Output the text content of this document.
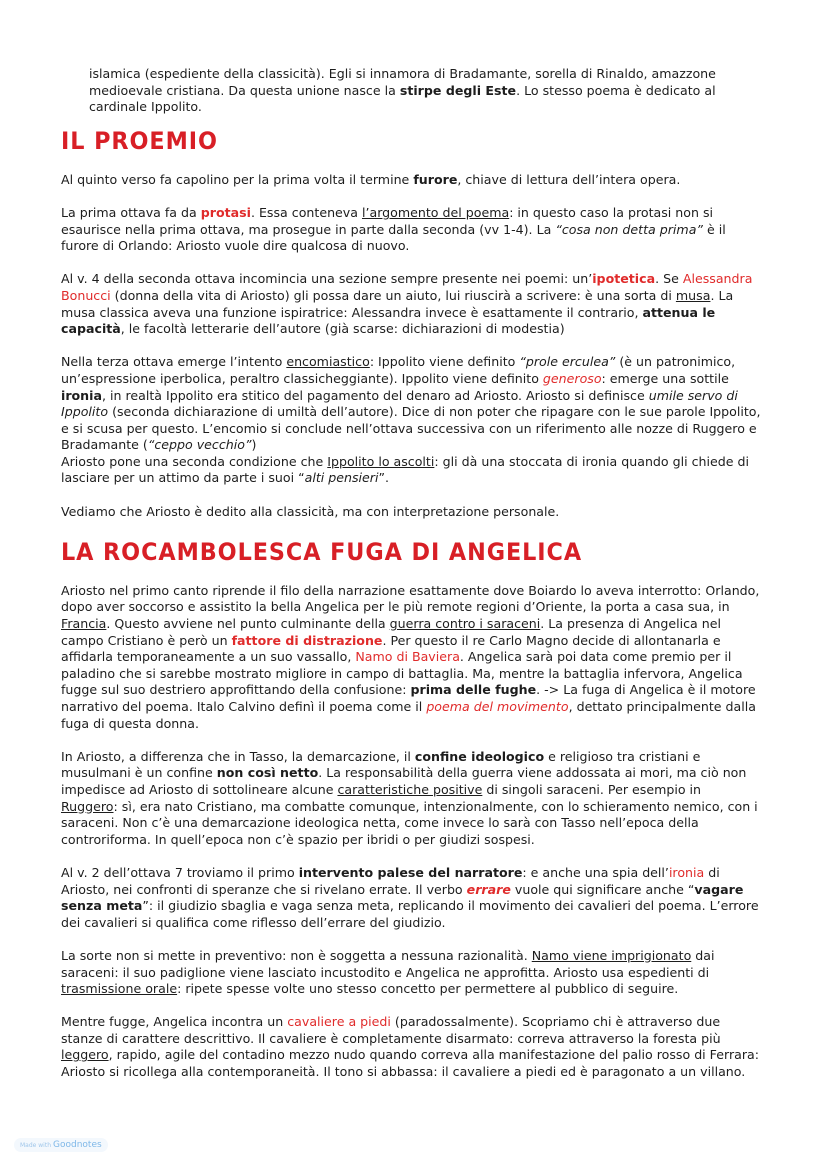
islamica (espediente della classicità). Egli si innamora di Bradamante, sorella di Rinaldo, amazzone medioevale cristiana. Da questa unione nasce la stirpe degli Este. Lo stesso poema è dedicato al cardinale Ippolito.

IL PROEMIO

Al quinto verso fa capolino per la prima volta il termine furore, chiave di lettura dell’intera opera.

La prima ottava fa da protasi. Essa conteneva l’argomento del poema: in questo caso la protasi non si esaurisce nella prima ottava, ma prosegue in parte dalla seconda (vv 1-4). La “cosa non detta prima” è il furore di Orlando: Ariosto vuole dire qualcosa di nuovo.

Al v. 4 della seconda ottava incomincia una sezione sempre presente nei poemi: un’ipotetica. Se Alessandra Bonucci (donna della vita di Ariosto) gli possa dare un aiuto, lui riuscirà a scrivere: è una sorta di musa. La musa classica aveva una funzione ispiratrice: Alessandra invece è esattamente il contrario, attenua le capacità, le facoltà letterarie dell’autore (già scarse: dichiarazioni di modestia)

Nella terza ottava emerge l’intento encomiastico: Ippolito viene definito “prole erculea” (è un patronimico, un’espressione iperbolica, peraltro classicheggiante). Ippolito viene definito generoso: emerge una sottile ironia, in realtà Ippolito era stitico del pagamento del denaro ad Ariosto. Ariosto si definisce umile servo di Ippolito (seconda dichiarazione di umiltà dell’autore). Dice di non poter che ripagare con le sue parole Ippolito, e si scusa per questo. L’encomio si conclude nell’ottava successiva con un riferimento alle nozze di Ruggero e Bradamante (“ceppo vecchio”)
Ariosto pone una seconda condizione che Ippolito lo ascolti: gli dà una stoccata di ironia quando gli chiede di lasciare per un attimo da parte i suoi “alti pensieri”.

Vediamo che Ariosto è dedito alla classicità, ma con interpretazione personale.

LA ROCAMBOLESCA FUGA DI ANGELICA

Ariosto nel primo canto riprende il filo della narrazione esattamente dove Boiardo lo aveva interrotto: Orlando, dopo aver soccorso e assistito la bella Angelica per le più remote regioni d’Oriente, la porta a casa sua, in Francia. Questo avviene nel punto culminante della guerra contro i saraceni. La presenza di Angelica nel campo Cristiano è però un fattore di distrazione. Per questo il re Carlo Magno decide di allontanarla e affidarla temporaneamente a un suo vassallo, Namo di Baviera. Angelica sarà poi data come premio per il paladino che si sarebbe mostrato migliore in campo di battaglia. Ma, mentre la battaglia infervora, Angelica fugge sul suo destriero approfittando della confusione: prima delle fughe. -> La fuga di Angelica è il motore narrativo del poema. Italo Calvino definì il poema come il poema del movimento, dettato principalmente dalla fuga di questa donna.

In Ariosto, a differenza che in Tasso, la demarcazione, il confine ideologico e religioso tra cristiani e musulmani è un confine non così netto. La responsabilità della guerra viene addossata ai mori, ma ciò non impedisce ad Ariosto di sottolineare alcune caratteristiche positive di singoli saraceni. Per esempio in Ruggero: sì, era nato Cristiano, ma combatte comunque, intenzionalmente, con lo schieramento nemico, con i saraceni. Non c’è una demarcazione ideologica netta, come invece lo sarà con Tasso nell’epoca della controriforma. In quell’epoca non c’è spazio per ibridi o per giudizi sospesi.

Al v. 2 dell’ottava 7 troviamo il primo intervento palese del narratore: e anche una spia dell’ironia di Ariosto, nei confronti di speranze che si rivelano errate. Il verbo errare vuole qui significare anche “vagare senza meta”: il giudizio sbaglia e vaga senza meta, replicando il movimento dei cavalieri del poema. L’errore dei cavalieri si qualifica come riflesso dell’errare del giudizio.

La sorte non si mette in preventivo: non è soggetta a nessuna razionalità. Namo viene imprigionato dai saraceni: il suo padiglione viene lasciato incustodito e Angelica ne approfitta. Ariosto usa espedienti di trasmissione orale: ripete spesse volte uno stesso concetto per permettere al pubblico di seguire.

Mentre fugge, Angelica incontra un cavaliere a piedi (paradossalmente). Scopriamo chi è attraverso due stanze di carattere descrittivo. Il cavaliere è completamente disarmato: correva attraverso la foresta più leggero, rapido, agile del contadino mezzo nudo quando correva alla manifestazione del palio rosso di Ferrara: Ariosto si ricollega alla contemporaneità. Il tono si abbassa: il cavaliere a piedi ed è paragonato a un villano.

Made with Goodnotes
